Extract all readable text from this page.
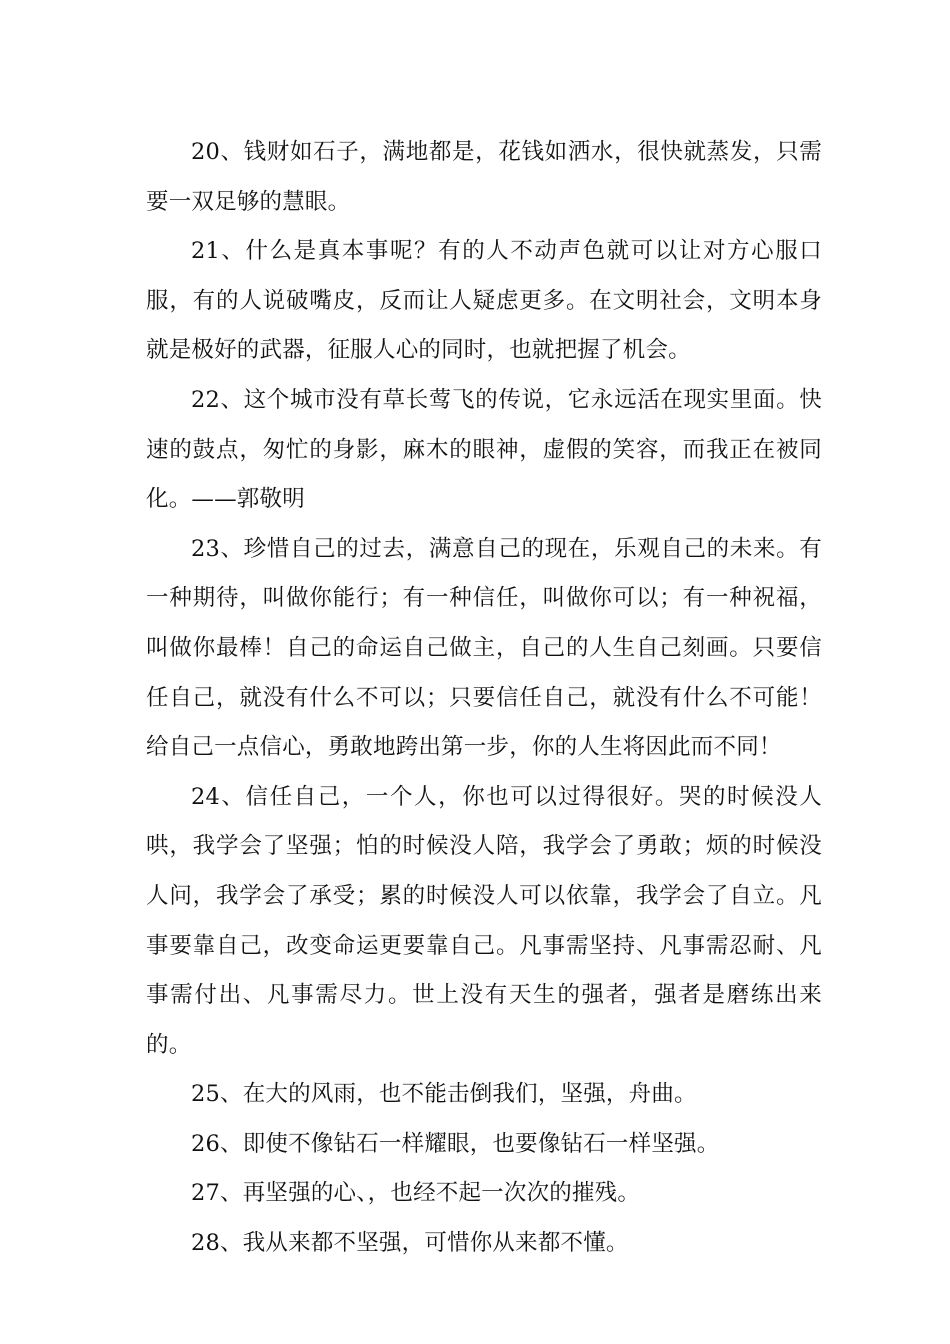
20、钱财如石子，满地都是，花钱如洒水，很快就蒸发，只需要一双足够的慧眼。

21、什么是真本事呢？有的人不动声色就可以让对方心服口服，有的人说破嘴皮，反而让人疑虑更多。在文明社会，文明本身就是极好的武器，征服人心的同时，也就把握了机会。

22、这个城市没有草长莺飞的传说，它永远活在现实里面。快速的鼓点，匆忙的身影，麻木的眼神，虚假的笑容，而我正在被同化。——郭敬明

23、珍惜自己的过去，满意自己的现在，乐观自己的未来。有一种期待，叫做你能行；有一种信任，叫做你可以；有一种祝福，叫做你最棒！自己的命运自己做主，自己的人生自己刻画。只要信任自己，就没有什么不可以；只要信任自己，就没有什么不可能！给自己一点信心，勇敢地跨出第一步，你的人生将因此而不同！

24、信任自己，一个人，你也可以过得很好。哭的时候没人哄，我学会了坚强；怕的时候没人陪，我学会了勇敢；烦的时候没人问，我学会了承受；累的时候没人可以依靠，我学会了自立。凡事要靠自己，改变命运更要靠自己。凡事需坚持、凡事需忍耐、凡事需付出、凡事需尽力。世上没有天生的强者，强者是磨练出来的。

25、在大的风雨，也不能击倒我们，坚强，舟曲。

26、即使不像钻石一样耀眼，也要像钻石一样坚强。

27、再坚强的心、，也经不起一次次的摧残。

28、我从来都不坚强，可惜你从来都不懂。
